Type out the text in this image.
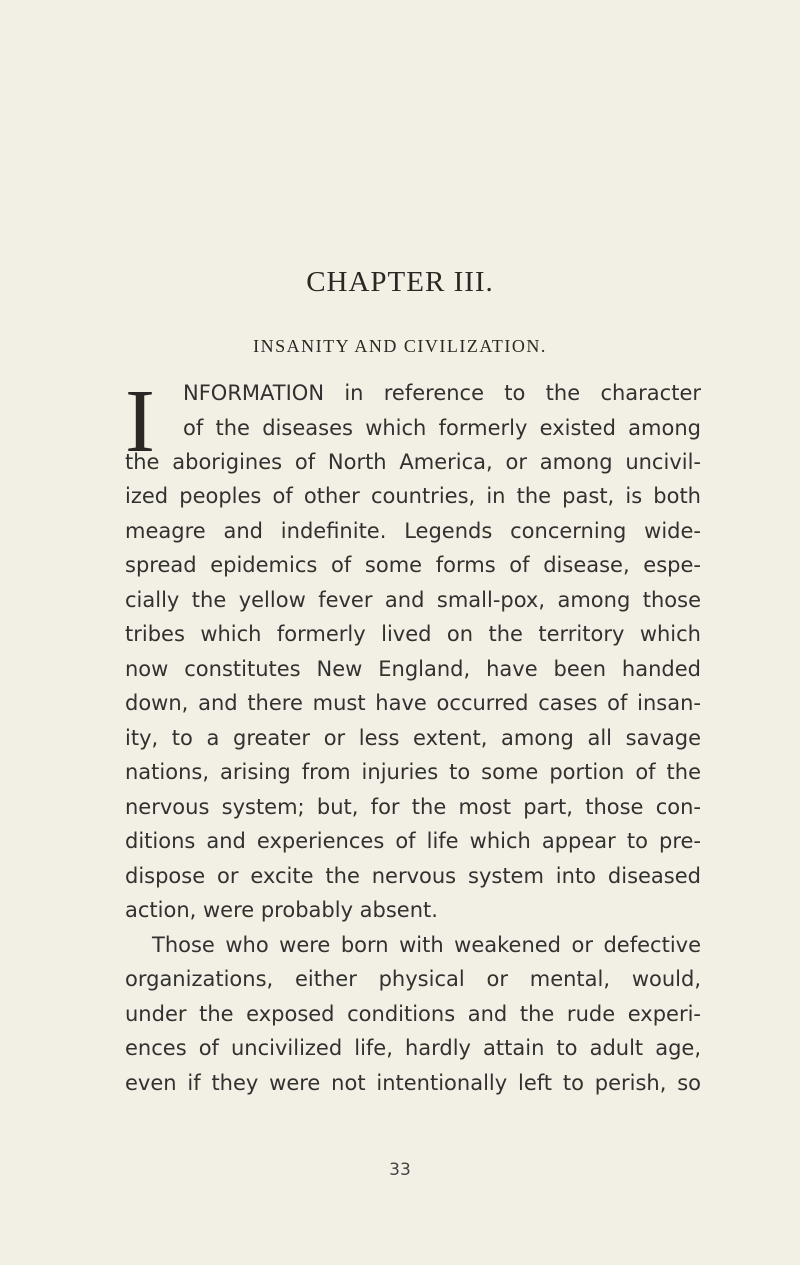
CHAPTER III.
INSANITY AND CIVILIZATION.
I NFORMATION in reference to the character
of the diseases which formerly existed among
the aborigines of North America, or among uncivil-
ized peoples of other countries, in the past, is both
meagre and indefinite. Legends concerning wide-
spread epidemics of some forms of disease, espe-
cially the yellow fever and small-pox, among those
tribes which formerly lived on the territory which
now constitutes New England, have been handed
down, and there must have occurred cases of insan-
ity, to a greater or less extent, among all savage
nations, arising from injuries to some portion of the
nervous system; but, for the most part, those con-
ditions and experiences of life which appear to pre-
dispose or excite the nervous system into diseased
action, were probably absent.
Those who were born with weakened or defective
organizations, either physical or mental, would,
under the exposed conditions and the rude experi-
ences of uncivilized life, hardly attain to adult age,
even if they were not intentionally left to perish, so
33
